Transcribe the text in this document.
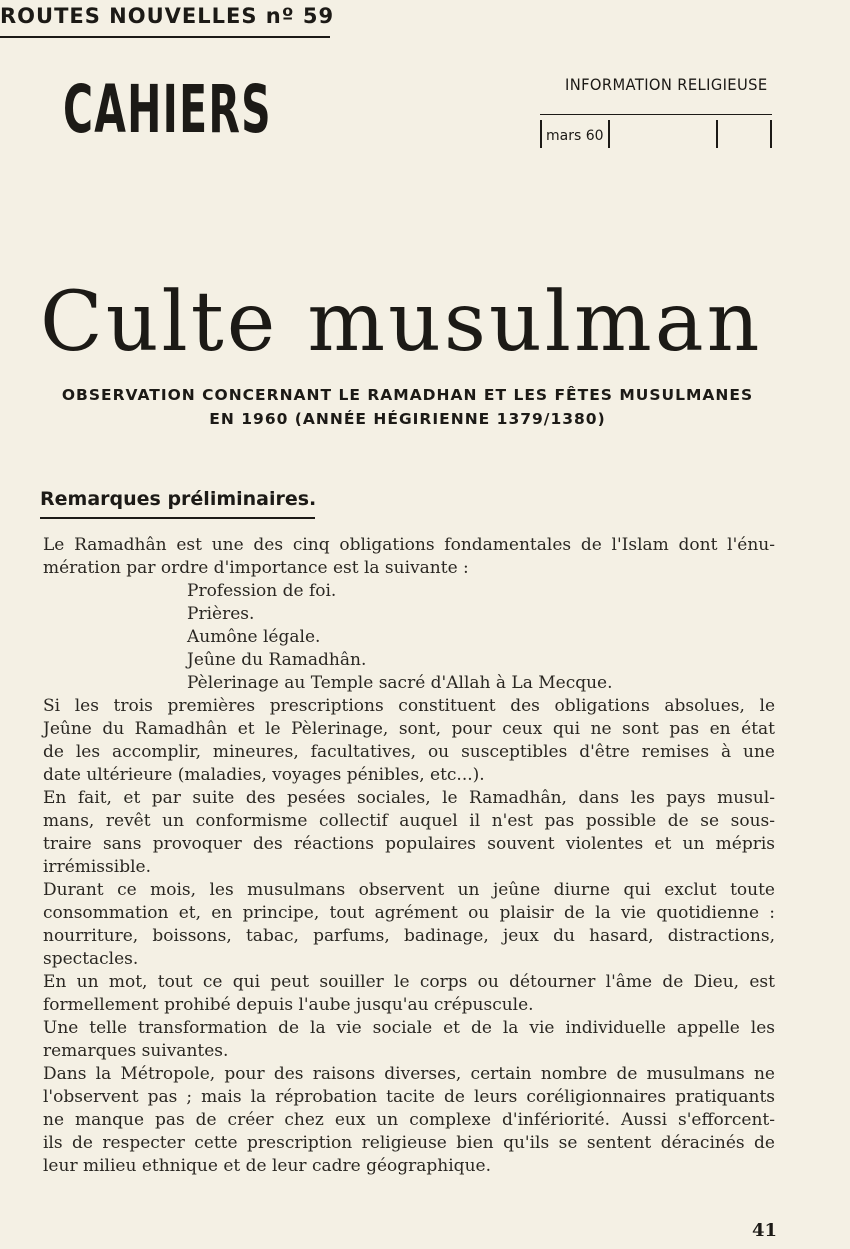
ROUTES NOUVELLES nº 59
CAHIERS	INFORMATION RELIGIEUSE
mars 60
Culte musulman
OBSERVATION CONCERNANT LE RAMADHAN ET LES FÊTES MUSULMANES
EN 1960 (ANNÉE HÉGIRIENNE 1379/1380)
Remarques préliminaires.
Le Ramadhân est une des cinq obligations fondamentales de l'Islam dont l'énu-
mération par ordre d'importance est la suivante :
Profession de foi.
Prières.
Aumône légale.
Jeûne du Ramadhân.
Pèlerinage au Temple sacré d'Allah à La Mecque.
Si les trois premières prescriptions constituent des obligations absolues, le
Jeûne du Ramadhân et le Pèlerinage, sont, pour ceux qui ne sont pas en état
de les accomplir, mineures, facultatives, ou susceptibles d'être remises à une
date ultérieure (maladies, voyages pénibles, etc...).
En fait, et par suite des pesées sociales, le Ramadhân, dans les pays musul-
mans, revêt un conformisme collectif auquel il n'est pas possible de se sous-
traire sans provoquer des réactions populaires souvent violentes et un mépris
irrémissible.
Durant ce mois, les musulmans observent un jeûne diurne qui exclut toute
consommation et, en principe, tout agrément ou plaisir de la vie quotidienne :
nourriture, boissons, tabac, parfums, badinage, jeux du hasard, distractions,
spectacles.
En un mot, tout ce qui peut souiller le corps ou détourner l'âme de Dieu, est
formellement prohibé depuis l'aube jusqu'au crépuscule.
Une telle transformation de la vie sociale et de la vie individuelle appelle les
remarques suivantes.
Dans la Métropole, pour des raisons diverses, certain nombre de musulmans ne
l'observent pas ; mais la réprobation tacite de leurs coréligionnaires pratiquants
ne manque pas de créer chez eux un complexe d'infériorité. Aussi s'efforcent-
ils de respecter cette prescription religieuse bien qu'ils se sentent déracinés de
leur milieu ethnique et de leur cadre géographique.
41
